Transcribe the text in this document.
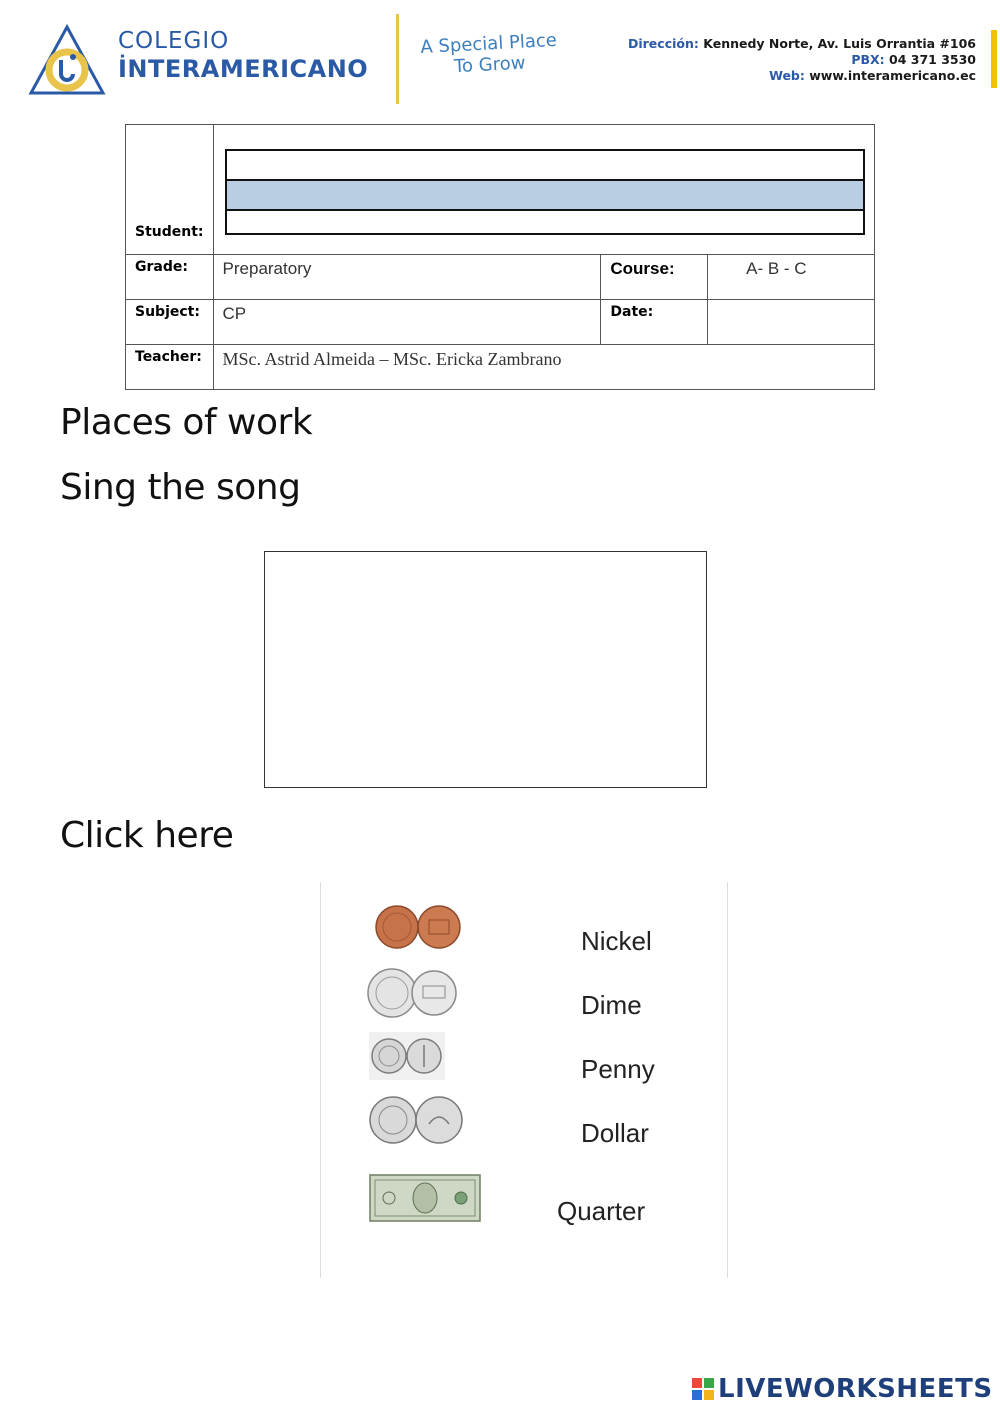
COLEGIO
İNTERAMERICANO
A Special Place
To Grow
Dirección: Kennedy Norte, Av. Luis Orrantia #106
PBX: 04 371 3530
Web: www.interamericano.ec
Student:			

Grade:	Preparatory	Course:	A- B - C
Subject:	CP	Date:	
Teacher:	MSc. Astrid Almeida – MSc. Ericka Zambrano		
Places of work
Sing the song
Click here
Nickel
Dime
Penny
Dollar
Quarter
LIVEWORKSHEETS
